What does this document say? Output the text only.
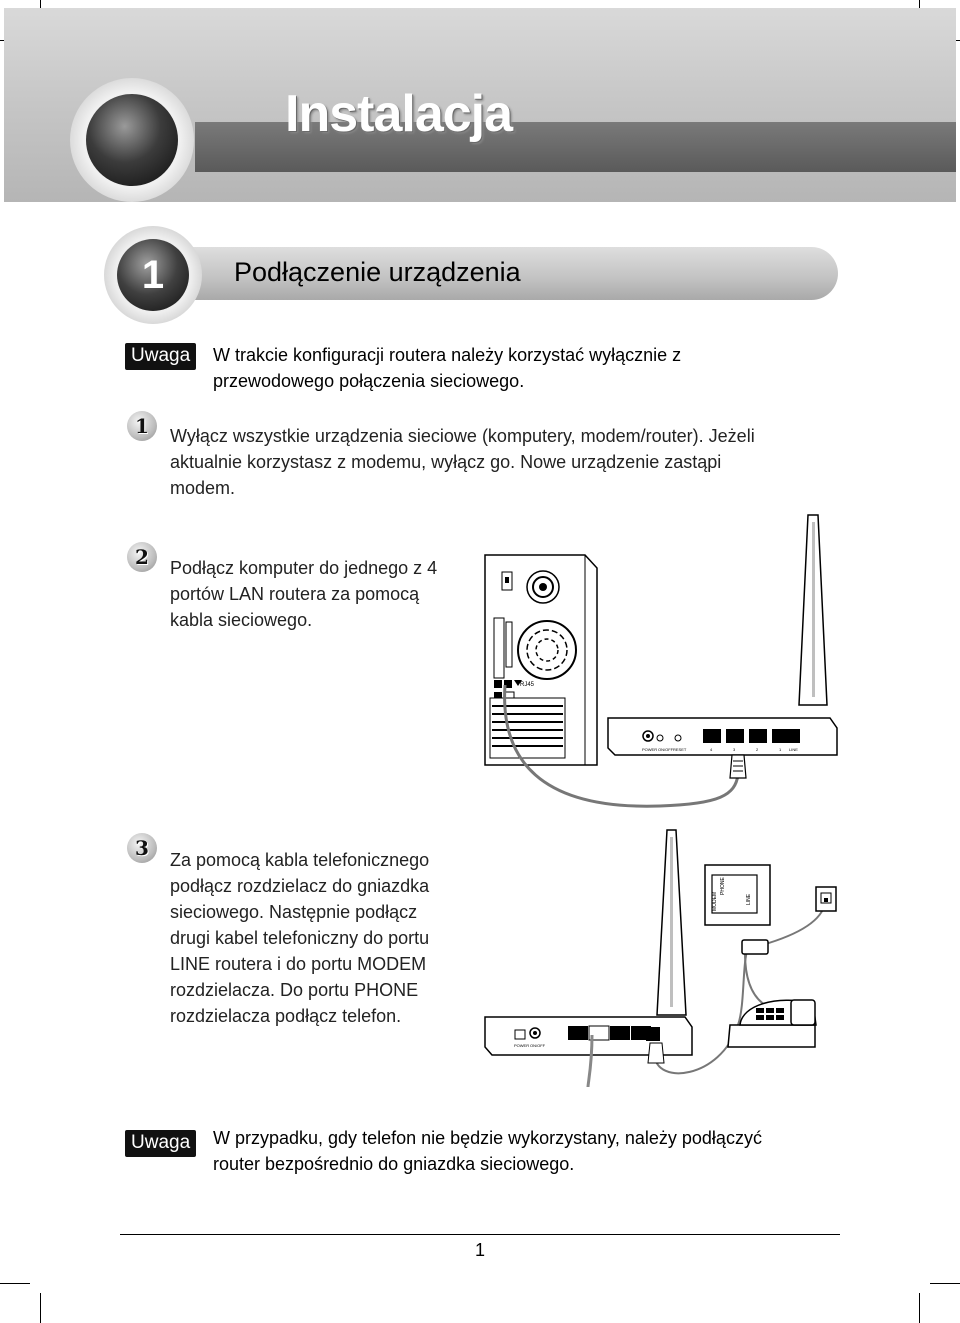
Instalacja
1	Podłączenie urządzenia
Uwaga	W trakcie konfiguracji routera należy korzystać wyłącznie z
przewodowego połączenia sieciowego.
1	Wyłącz wszystkie urządzenia sieciowe (komputery, modem/router). Jeżeli
aktualnie korzystasz z modemu, wyłącz go. Nowe urządzenie zastąpi
modem.
2	Podłącz komputer do jednego z 4
portów LAN routera za pomocą
kabla sieciowego.
RJ45
POWER ON/OFF RESET	4	3	2	1 LINE
3	Za pomocą kabla telefonicznego
podłącz rozdzielacz do gniazdka
sieciowego. Następnie podłącz
drugi kabel telefoniczny do portu
LINE routera i do portu MODEM
rozdzielacza. Do portu PHONE
rozdzielacza podłącz telefon.
POWER ON/OFF
MODEM
PHONE
LINE
Uwaga	W przypadku, gdy telefon nie będzie wykorzystany, należy podłączyć
router bezpośrednio do gniazdka sieciowego.
1
